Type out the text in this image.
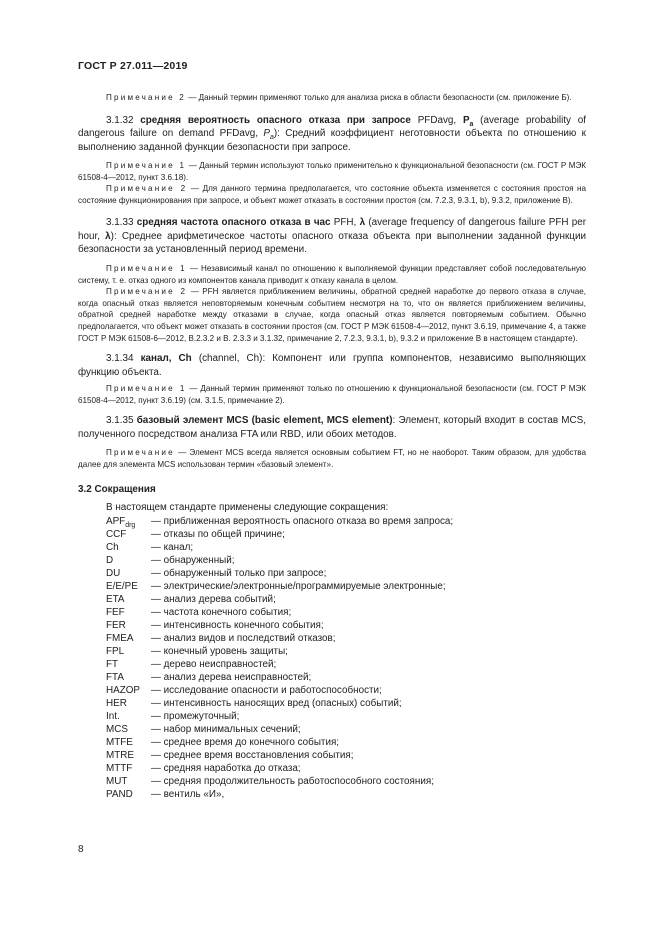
ГОСТ Р 27.011—2019

Примечание 2 — Данный термин применяют только для анализа риска в области безопасности (см. приложение Б).

3.1.32 средняя вероятность опасного отказа при запросе PFDavg, $P_a$ (average probability of dangerous failure on demand PFDavg, $P_a$): Средний коэффициент неготовности объекта по отношению к выполнению заданной функции безопасности при запросе.

Примечание 1 — Данный термин используют только применительно к функциональной безопасности (см. ГОСТ Р МЭК 61508-4—2012, пункт 3.6.18).

Примечание 2 — Для данного термина предполагается, что состояние объекта изменяется с состояния простоя на состояние функционирования при запросе, и объект может отказать в состоянии простоя (см. 7.2.3, 9.3.1, b), 9.3.2, приложение В).

3.1.33 средняя частота опасного отказа в час PFH, λ (average frequency of dangerous failure PFH per hour, λ): Среднее арифметическое частоты опасного отказа объекта при выполнении заданной функции безопасности за установленный период времени.

Примечание 1 — Независимый канал по отношению к выполняемой функции представляет собой последовательную систему, т. е. отказ одного из компонентов канала приводит к отказу канала в целом.

Примечание 2 — PFH является приближением величины, обратной средней наработке до первого отказа в случае, когда опасный отказ является неповторяемым конечным событием несмотря на то, что он является приближением величины, обратной средней наработке между отказами в случае, когда опасный отказ является повторяемым событием. Обычно предполагается, что объект может отказать в состоянии простоя (см. ГОСТ Р МЭК 61508-4—2012, пункт 3.6.19, примечание 4, а также ГОСТ Р МЭК 61508-6—2012, В.2.3.2 и В. 2.3.3 и 3.1.32, примечание 2, 7.2.3, 9.3.1, b), 9.3.2 и приложение В в настоящем стандарте).

3.1.34 канал, Ch (channel, Ch): Компонент или группа компонентов, независимо выполняющих функцию объекта.

Примечание 1 — Данный термин применяют только по отношению к функциональной безопасности (см. ГОСТ Р МЭК 61508-4—2012, пункт 3.6.19) (см. 3.1.5, примечание 2).

3.1.35 базовый элемент MCS (basic element, MCS element): Элемент, который входит в состав MCS, полученного посредством анализа FTA или RBD, или обоих методов.

Примечание — Элемент MCS всегда является основным событием FT, но не наоборот. Таким образом, для удобства далее для элемента MCS использован термин «базовый элемент».

3.2 Сокращения
В настоящем стандарте применены следующие сокращения:
$APF_{drg}$	— приближенная вероятность опасного отказа во время запроса;
CCF	— отказы по общей причине;
Ch	— канал;
D	— обнаруженный;
DU	— обнаруженный только при запросе;
E/E/PE	— электрические/электронные/программируемые электронные;
ETA	— анализ дерева событий;
FEF	— частота конечного события;
FER	— интенсивность конечного события;
FMEA	— анализ видов и последствий отказов;
FPL	— конечный уровень защиты;
FT	— дерево неисправностей;
FTA	— анализ дерева неисправностей;
HAZOP	— исследование опасности и работоспособности;
HER	— интенсивность наносящих вред (опасных) событий;
Int.	— промежуточный;
MCS	— набор минимальных сечений;
MTFE	— среднее время до конечного события;
MTRE	— среднее время восстановления события;
MTTF	— средняя наработка до отказа;
MUT	— средняя продолжительность работоспособного состояния;
PAND	— вентиль «И»,
8
